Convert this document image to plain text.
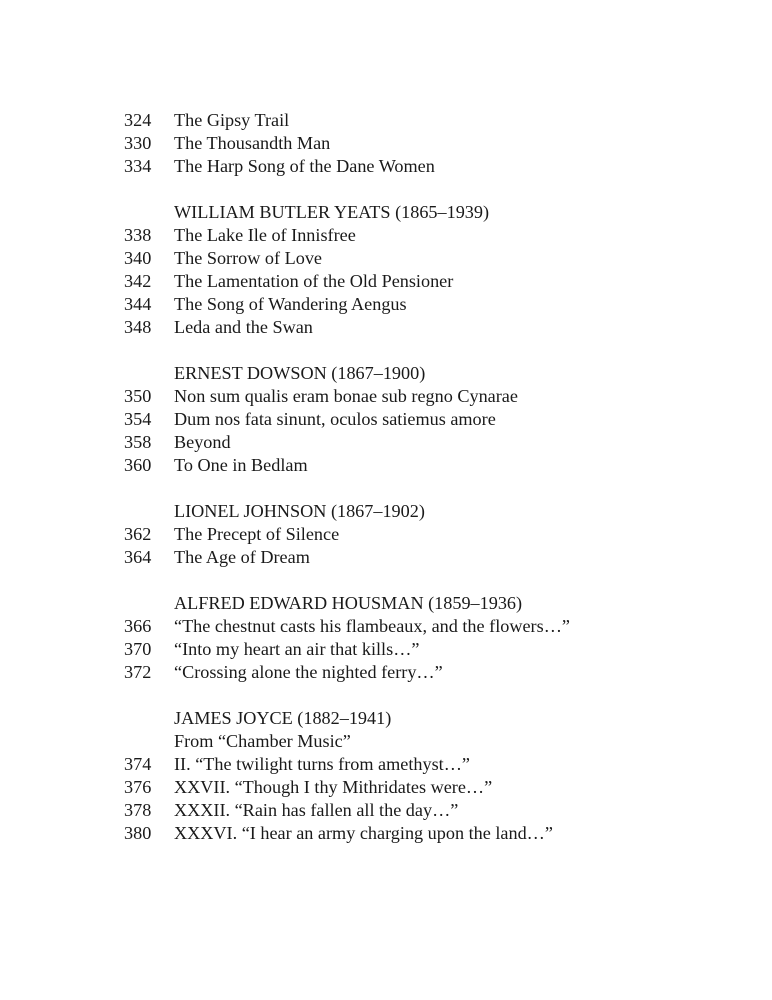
324	The Gipsy Trail
330	The Thousandth Man
334	The Harp Song of the Dane Women
WILLIAM BUTLER YEATS (1865–1939)
338	The Lake Ile of Innisfree
340	The Sorrow of Love
342	The Lamentation of the Old Pensioner
344	The Song of Wandering Aengus
348	Leda and the Swan
ERNEST DOWSON (1867–1900)
350	Non sum qualis eram bonae sub regno Cynarae
354	Dum nos fata sinunt, oculos satiemus amore
358	Beyond
360	To One in Bedlam
LIONEL JOHNSON (1867–1902)
362	The Precept of Silence
364	The Age of Dream
ALFRED EDWARD HOUSMAN (1859–1936)
366	“The chestnut casts his flambeaux, and the flowers…”
370	“Into my heart an air that kills…”
372	“Crossing alone the nighted ferry…”
JAMES JOYCE (1882–1941)
From “Chamber Music”
374	II. “The twilight turns from amethyst…”
376	XXVII. “Though I thy Mithridates were…”
378	XXXII. “Rain has fallen all the day…”
380	XXXVI. “I hear an army charging upon the land…”
